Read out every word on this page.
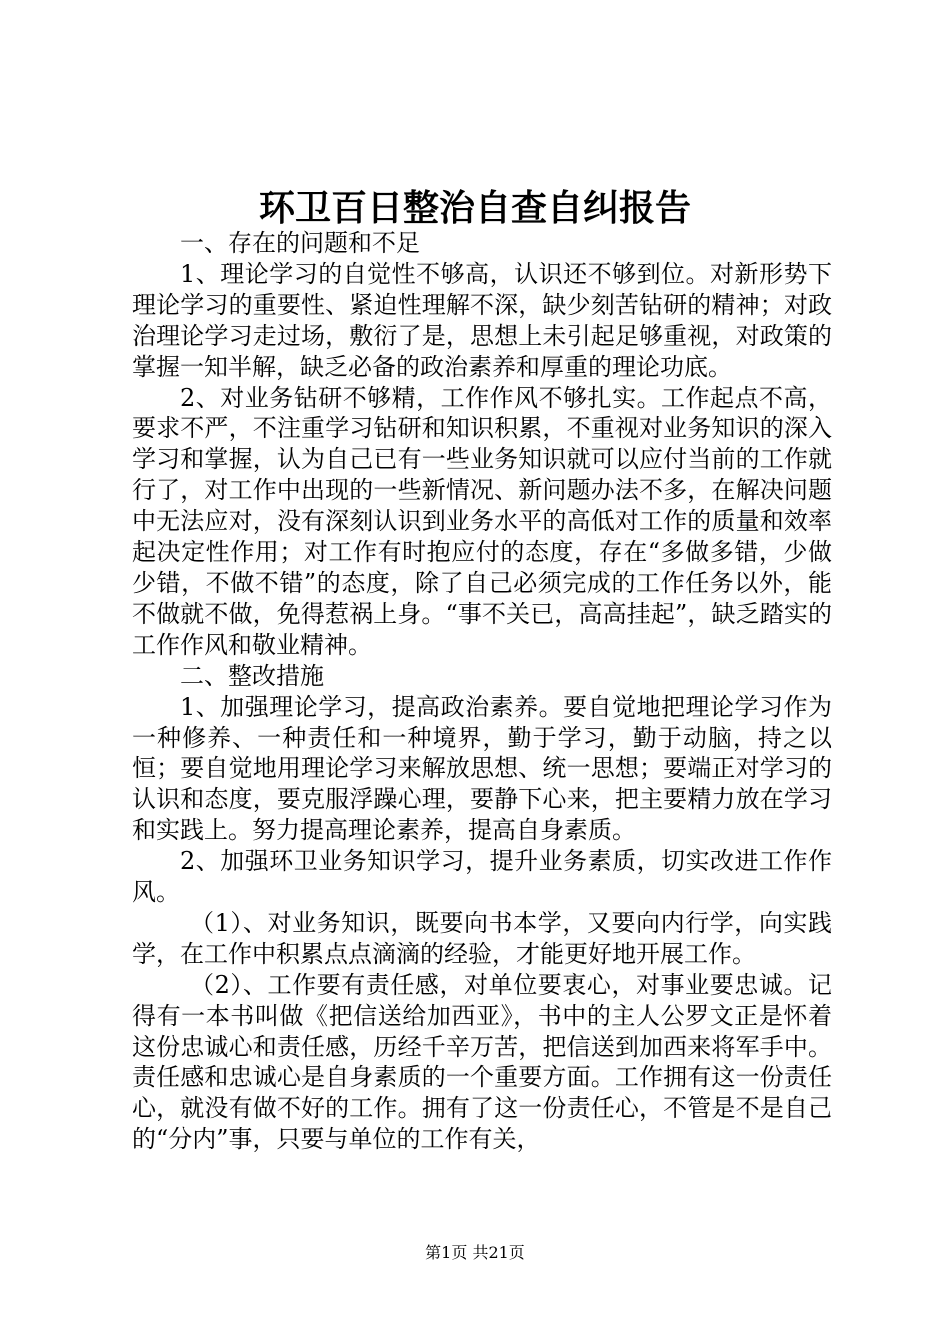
环卫百日整治自查自纠报告

一、存在的问题和不足

1、理论学习的自觉性不够高，认识还不够到位。对新形势下理论学习的重要性、紧迫性理解不深，缺少刻苦钻研的精神；对政治理论学习走过场，敷衍了是，思想上未引起足够重视，对政策的掌握一知半解，缺乏必备的政治素养和厚重的理论功底。

2、对业务钻研不够精，工作作风不够扎实。工作起点不高，要求不严，不注重学习钻研和知识积累，不重视对业务知识的深入学习和掌握，认为自己已有一些业务知识就可以应付当前的工作就行了，对工作中出现的一些新情况、新问题办法不多，在解决问题中无法应对，没有深刻认识到业务水平的高低对工作的质量和效率起决定性作用；对工作有时抱应付的态度，存在“多做多错，少做少错，不做不错”的态度，除了自己必须完成的工作任务以外，能不做就不做，免得惹祸上身。“事不关已，高高挂起”，缺乏踏实的工作作风和敬业精神。

二、整改措施

1、加强理论学习，提高政治素养。要自觉地把理论学习作为一种修养、一种责任和一种境界，勤于学习，勤于动脑，持之以恒；要自觉地用理论学习来解放思想、统一思想；要端正对学习的认识和态度，要克服浮躁心理，要静下心来，把主要精力放在学习和实践上。努力提高理论素养，提高自身素质。

2、加强环卫业务知识学习，提升业务素质，切实改进工作作风。

（1）、对业务知识，既要向书本学，又要向内行学，向实践学，在工作中积累点点滴滴的经验，才能更好地开展工作。

（2）、工作要有责任感，对单位要衷心，对事业要忠诚。记得有一本书叫做《把信送给加西亚》，书中的主人公罗文正是怀着这份忠诚心和责任感，历经千辛万苦，把信送到加西来将军手中。责任感和忠诚心是自身素质的一个重要方面。工作拥有这一份责任心，就没有做不好的工作。拥有了这一份责任心，不管是不是自己的“分内”事，只要与单位的工作有关，

第1页 共21页
